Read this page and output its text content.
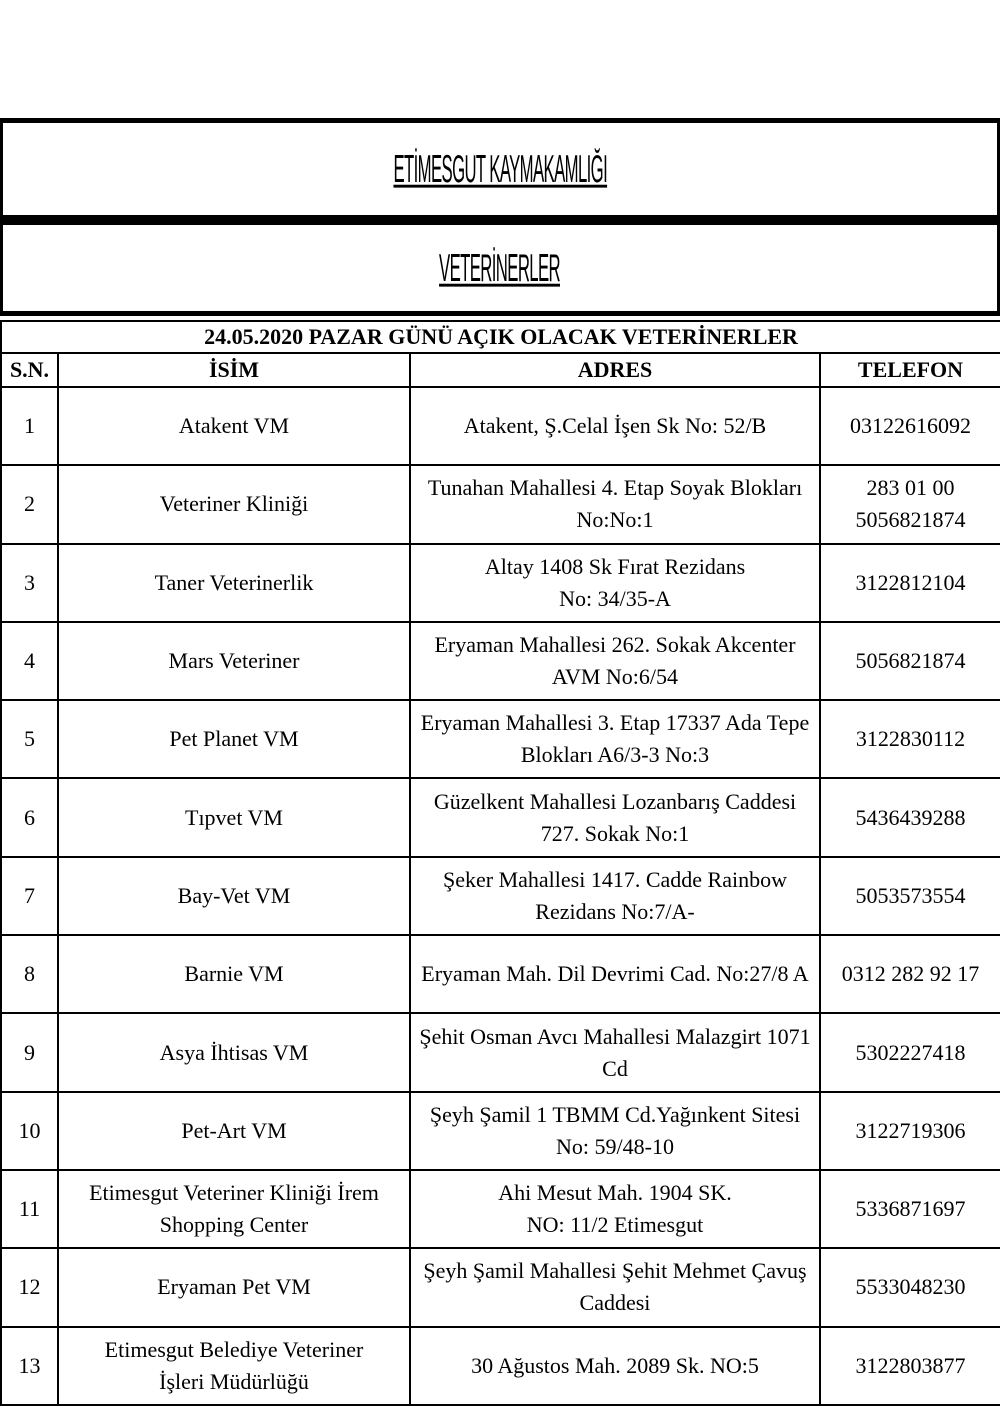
ETİMESGUT KAYMAKAMLIĞI
VETERİNERLER
24.05.2020 PAZAR GÜNÜ AÇIK OLACAK VETERİNERLER			
S.N.	İSİM	ADRES	TELEFON
1	Atakent VM	Atakent, Ş.Celal İşen Sk No: 52/B	03122616092
2	Veteriner Kliniği	Tunahan Mahallesi 4. Etap Soyak Blokları
No:No:1	283 01 00
5056821874
3	Taner Veterinerlik	Altay 1408 Sk Fırat Rezidans
No: 34/35-A	3122812104
4	Mars Veteriner	Eryaman Mahallesi 262. Sokak Akcenter
AVM No:6/54	5056821874
5	Pet Planet VM	Eryaman Mahallesi 3. Etap 17337 Ada Tepe
Blokları A6/3-3 No:3	3122830112
6	Tıpvet VM	Güzelkent Mahallesi Lozanbarış Caddesi
727. Sokak No:1	5436439288
7	Bay-Vet VM	Şeker Mahallesi 1417. Cadde Rainbow
Rezidans No:7/A-	5053573554
8	Barnie VM	Eryaman Mah. Dil Devrimi Cad. No:27/8 A	0312 282 92 17
9	Asya İhtisas VM	Şehit Osman Avcı Mahallesi Malazgirt 1071
Cd	5302227418
10	Pet-Art VM	Şeyh Şamil 1 TBMM Cd.Yağınkent Sitesi
No: 59/48-10	3122719306
11	Etimesgut Veteriner Kliniği İrem
Shopping Center	Ahi Mesut Mah. 1904 SK.
NO: 11/2 Etimesgut	5336871697
12	Eryaman Pet VM	Şeyh Şamil Mahallesi Şehit Mehmet Çavuş
Caddesi	5533048230
13	Etimesgut Belediye Veteriner
İşleri Müdürlüğü	30 Ağustos Mah. 2089 Sk. NO:5	3122803877
